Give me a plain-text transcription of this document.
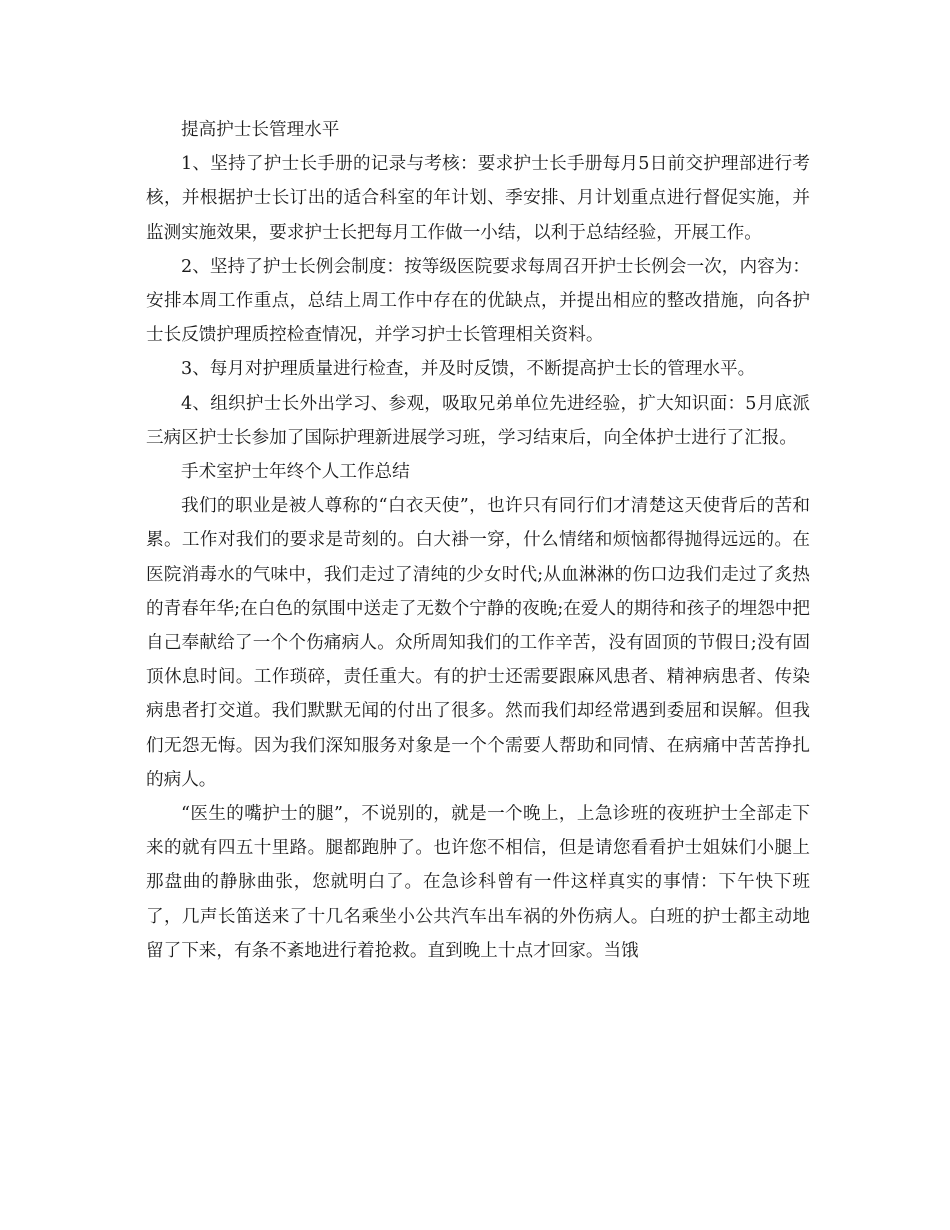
提高护士长管理水平

1、坚持了护士长手册的记录与考核：要求护士长手册每月5日前交护理部进行考核，并根据护士长订出的适合科室的年计划、季安排、月计划重点进行督促实施，并监测实施效果，要求护士长把每月工作做一小结，以利于总结经验，开展工作。

2、坚持了护士长例会制度：按等级医院要求每周召开护士长例会一次，内容为：安排本周工作重点，总结上周工作中存在的优缺点，并提出相应的整改措施，向各护士长反馈护理质控检查情况，并学习护士长管理相关资料。

3、每月对护理质量进行检查，并及时反馈，不断提高护士长的管理水平。

4、组织护士长外出学习、参观，吸取兄弟单位先进经验，扩大知识面：5月底派三病区护士长参加了国际护理新进展学习班，学习结束后，向全体护士进行了汇报。

手术室护士年终个人工作总结

我们的职业是被人尊称的“白衣天使”，也许只有同行们才清楚这天使背后的苦和累。工作对我们的要求是苛刻的。白大褂一穿，什么情绪和烦恼都得抛得远远的。在医院消毒水的气味中，我们走过了清纯的少女时代;从血淋淋的伤口边我们走过了炙热的青春年华;在白色的氛围中送走了无数个宁静的夜晚;在爱人的期待和孩子的埋怨中把自己奉献给了一个个伤痛病人。众所周知我们的工作辛苦，没有固顶的节假日;没有固顶休息时间。工作琐碎，责任重大。有的护士还需要跟麻风患者、精神病患者、传染病患者打交道。我们默默无闻的付出了很多。然而我们却经常遇到委屈和误解。但我们无怨无悔。因为我们深知服务对象是一个个需要人帮助和同情、在病痛中苦苦挣扎的病人。

“医生的嘴护士的腿”，不说别的，就是一个晚上，上急诊班的夜班护士全部走下来的就有四五十里路。腿都跑肿了。也许您不相信，但是请您看看护士姐妹们小腿上那盘曲的静脉曲张，您就明白了。在急诊科曾有一件这样真实的事情：下午快下班了，几声长笛送来了十几名乘坐小公共汽车出车祸的外伤病人。白班的护士都主动地留了下来，有条不紊地进行着抢救。直到晚上十点才回家。当饿
